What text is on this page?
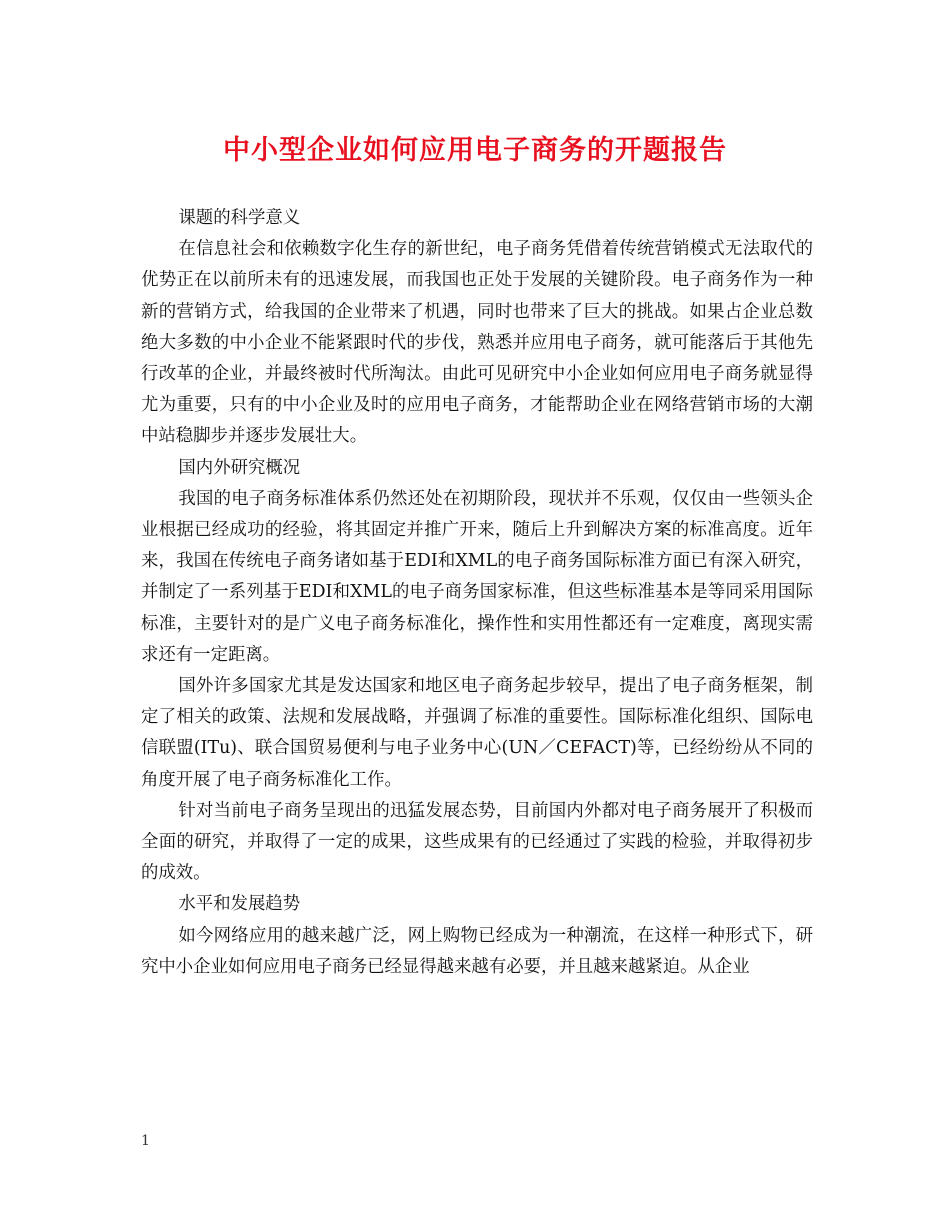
中小型企业如何应用电子商务的开题报告

课题的科学意义

在信息社会和依赖数字化生存的新世纪，电子商务凭借着传统营销模式无法取代的优势正在以前所未有的迅速发展，而我国也正处于发展的关键阶段。电子商务作为一种新的营销方式，给我国的企业带来了机遇，同时也带来了巨大的挑战。如果占企业总数绝大多数的中小企业不能紧跟时代的步伐，熟悉并应用电子商务，就可能落后于其他先行改革的企业，并最终被时代所淘汰。由此可见研究中小企业如何应用电子商务就显得尤为重要，只有的中小企业及时的应用电子商务，才能帮助企业在网络营销市场的大潮中站稳脚步并逐步发展壮大。

国内外研究概况

我国的电子商务标准体系仍然还处在初期阶段，现状并不乐观，仅仅由一些领头企业根据已经成功的经验，将其固定并推广开来，随后上升到解决方案的标准高度。近年来，我国在传统电子商务诸如基于EDI和XML的电子商务国际标准方面已有深入研究，并制定了一系列基于EDI和XML的电子商务国家标准，但这些标准基本是等同采用国际标准，主要针对的是广义电子商务标准化，操作性和实用性都还有一定难度，离现实需求还有一定距离。

国外许多国家尤其是发达国家和地区电子商务起步较早，提出了电子商务框架，制定了相关的政策、法规和发展战略，并强调了标准的重要性。国际标准化组织、国际电信联盟(ITu)、联合国贸易便利与电子业务中心(UN／CEFACT)等，已经纷纷从不同的角度开展了电子商务标准化工作。

针对当前电子商务呈现出的迅猛发展态势，目前国内外都对电子商务展开了积极而全面的研究，并取得了一定的成果，这些成果有的已经通过了实践的检验，并取得初步的成效。

水平和发展趋势

如今网络应用的越来越广泛，网上购物已经成为一种潮流，在这样一种形式下，研究中小企业如何应用电子商务已经显得越来越有必要，并且越来越紧迫。从企业

1
